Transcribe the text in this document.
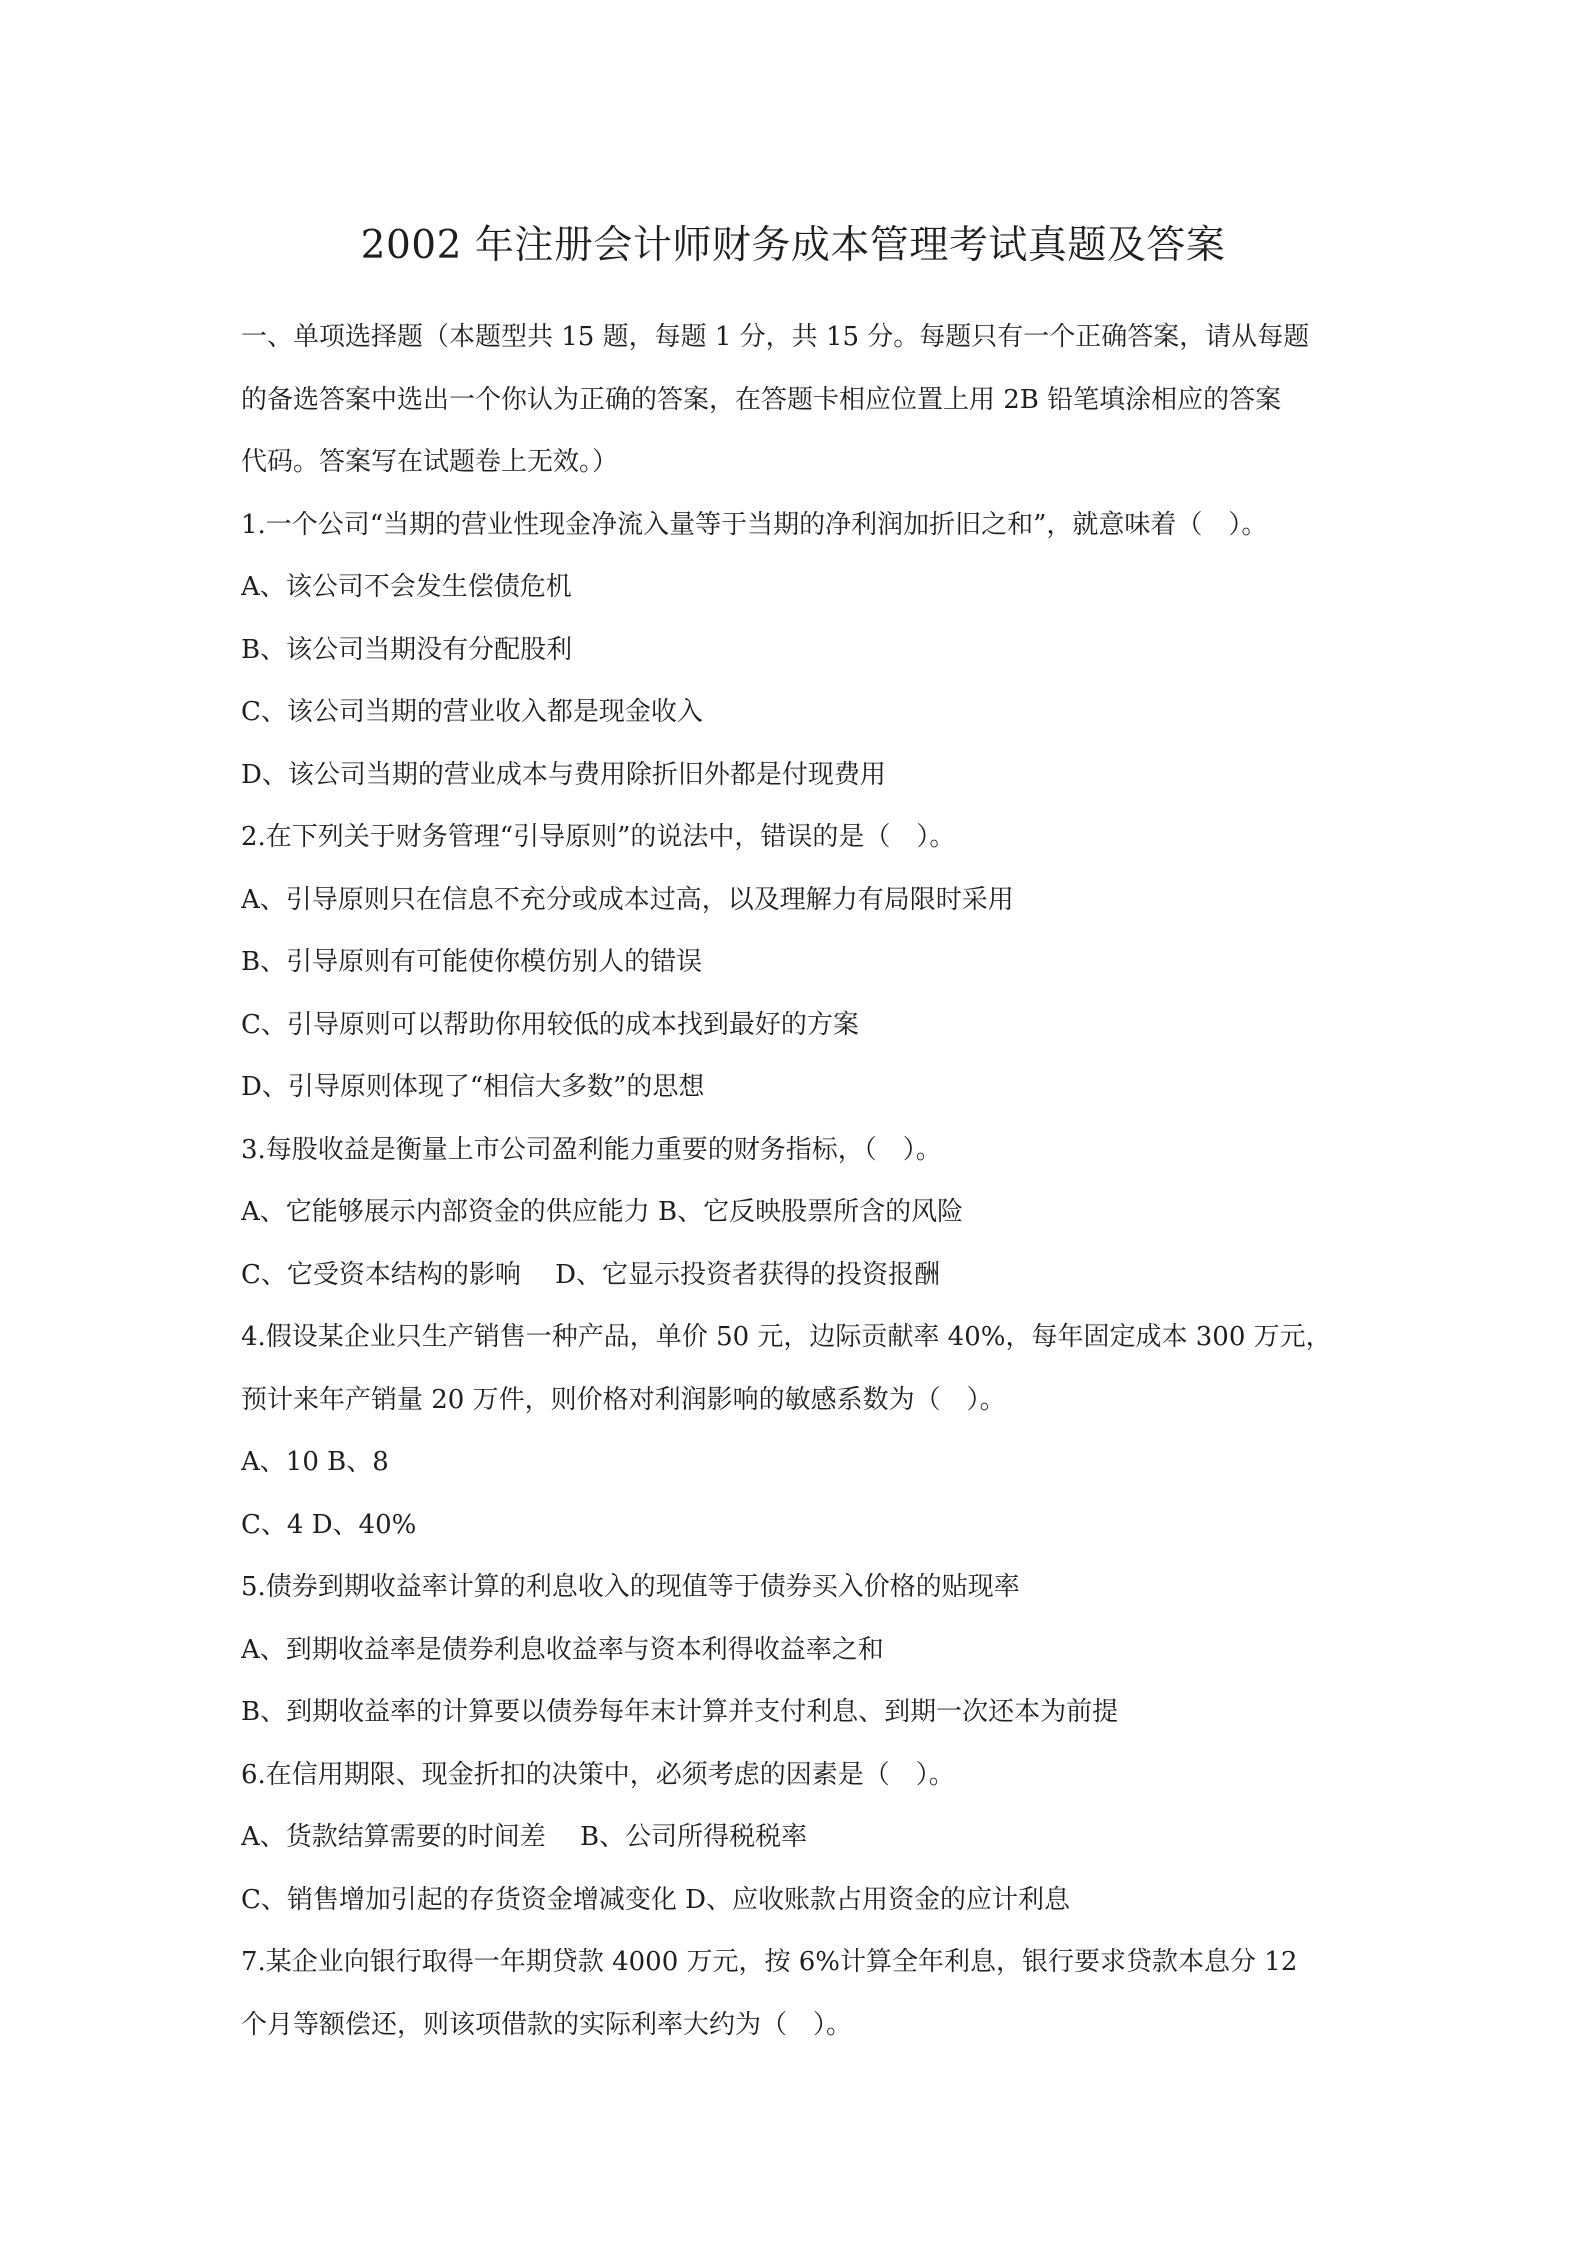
2002 年注册会计师财务成本管理考试真题及答案
一、单项选择题（本题型共 15 题，每题 1 分，共 15 分。每题只有一个正确答案，请从每题
的备选答案中选出一个你认为正确的答案，在答题卡相应位置上用 2B 铅笔填涂相应的答案
代码。答案写在试题卷上无效。）
1.一个公司“当期的营业性现金净流入量等于当期的净利润加折旧之和”，就意味着（　）。
A、该公司不会发生偿债危机
B、该公司当期没有分配股利
C、该公司当期的营业收入都是现金收入
D、该公司当期的营业成本与费用除折旧外都是付现费用
2.在下列关于财务管理“引导原则”的说法中，错误的是（　）。
A、引导原则只在信息不充分或成本过高，以及理解力有局限时采用
B、引导原则有可能使你模仿别人的错误
C、引导原则可以帮助你用较低的成本找到最好的方案
D、引导原则体现了“相信大多数”的思想
3.每股收益是衡量上市公司盈利能力重要的财务指标，（　）。
A、它能够展示内部资金的供应能力 B、它反映股票所含的风险
C、它受资本结构的影响　 D、它显示投资者获得的投资报酬
4.假设某企业只生产销售一种产品，单价 50 元，边际贡献率 40%，每年固定成本 300 万元，
预计来年产销量 20 万件，则价格对利润影响的敏感系数为（　）。
A、10 B、8
C、4 D、40%
5.债券到期收益率计算的利息收入的现值等于债券买入价格的贴现率
A、到期收益率是债券利息收益率与资本利得收益率之和
B、到期收益率的计算要以债券每年末计算并支付利息、到期一次还本为前提
6.在信用期限、现金折扣的决策中，必须考虑的因素是（　）。
A、货款结算需要的时间差　 B、公司所得税税率
C、销售增加引起的存货资金增减变化 D、应收账款占用资金的应计利息
7.某企业向银行取得一年期贷款 4000 万元，按 6%计算全年利息，银行要求贷款本息分 12
个月等额偿还，则该项借款的实际利率大约为（　）。
